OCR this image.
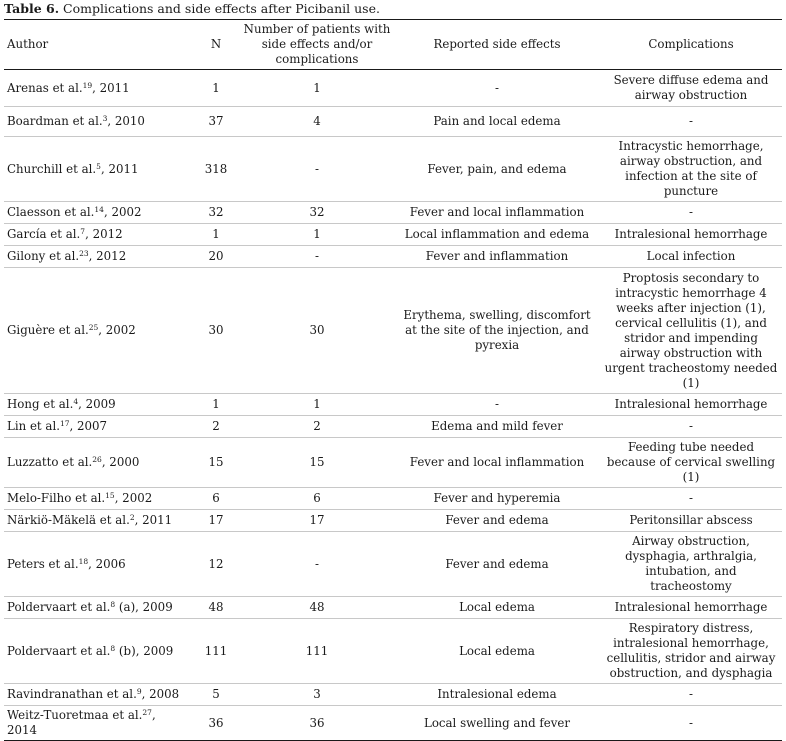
Table 6. Complications and side effects after Picibanil use.
Author	N	Number of patients with side effects and/or complications	Reported side effects	Complications
Arenas et al.$^{19}$, 2011	1	1	-	Severe diffuse edema and airway obstruction
Boardman et al.$^3$, 2010	37	4	Pain and local edema	-
Churchill et al.$^5$, 2011	318	-	Fever, pain, and edema	Intracystic hemorrhage, airway obstruction, and infection at the site of puncture
Claesson et al.$^{14}$, 2002	32	32	Fever and local inflammation	-
García et al.$^7$, 2012	1	1	Local inflammation and edema	Intralesional hemorrhage
Gilony et al.$^{23}$, 2012	20	-	Fever and inflammation	Local infection
Giguère et al.$^{25}$, 2002	30	30	Erythema, swelling, discomfort at the site of the injection, and pyrexia	Proptosis secondary to intracystic hemorrhage 4 weeks after injection (1), cervical cellulitis (1), and stridor and impending airway obstruction with urgent tracheostomy needed (1)
Hong et al.$^4$, 2009	1	1	-	Intralesional hemorrhage
Lin et al.$^{17}$, 2007	2	2	Edema and mild fever	-
Luzzatto et al.$^{26}$, 2000	15	15	Fever and local inflammation	Feeding tube needed because of cervical swelling (1)
Melo-Filho et al.$^{15}$, 2002	6	6	Fever and hyperemia	-
Närkiö-Mäkelä et al.$^2$, 2011	17	17	Fever and edema	Peritonsillar abscess
Peters et al.$^{18}$, 2006	12	-	Fever and edema	Airway obstruction, dysphagia, arthralgia, intubation, and tracheostomy
Poldervaart et al.$^8$ (a), 2009	48	48	Local edema	Intralesional hemorrhage
Poldervaart et al.$^8$ (b), 2009	111	111	Local edema	Respiratory distress, intralesional hemorrhage, cellulitis, stridor and airway obstruction, and dysphagia
Ravindranathan et al.$^9$, 2008	5	3	Intralesional edema	-
Weitz-Tuoretmaa et al.$^{27}$, 2014	36	36	Local swelling and fever	-
